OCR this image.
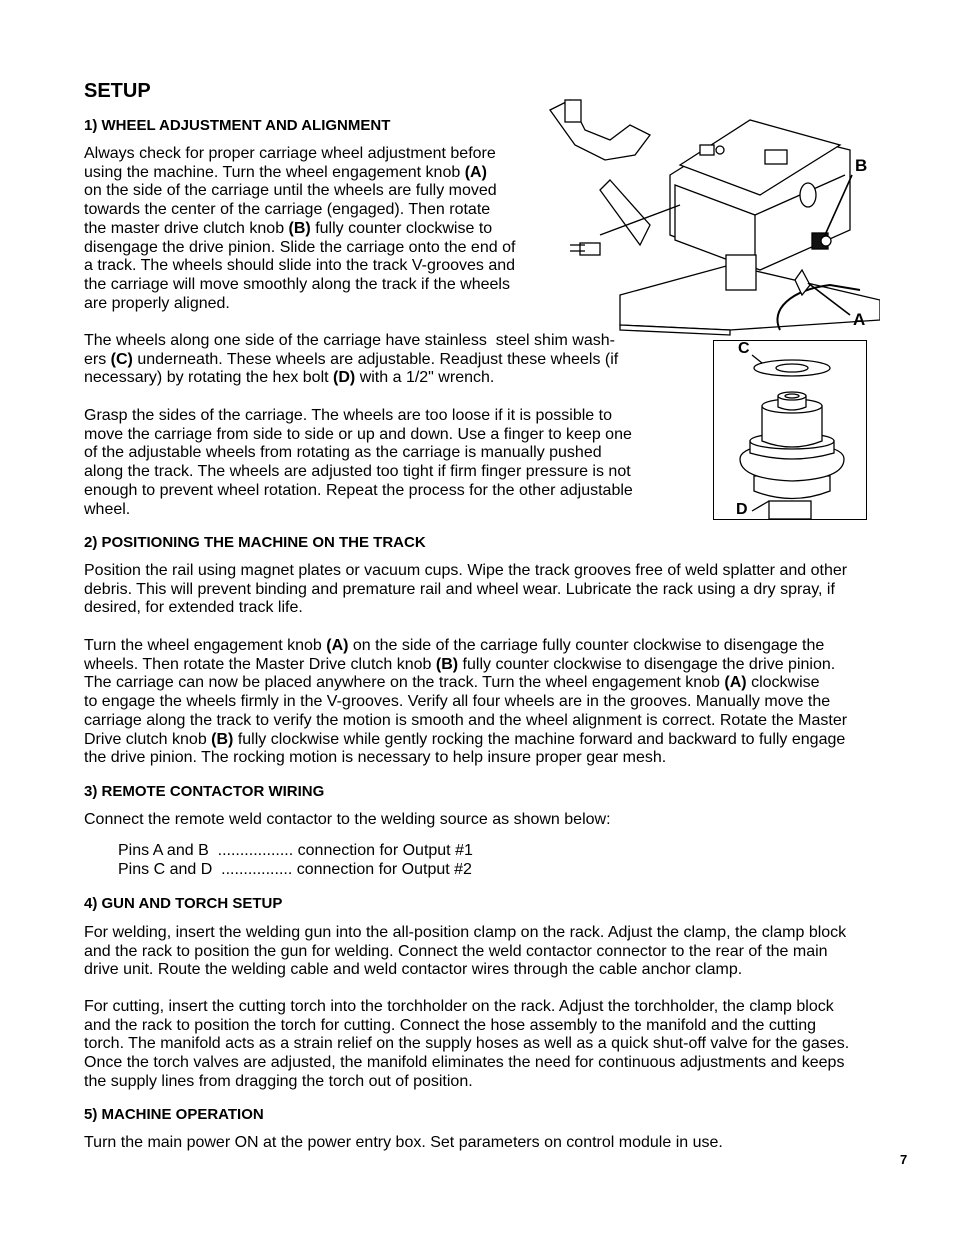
SETUP
1) WHEEL ADJUSTMENT AND ALIGNMENT
Always check for proper carriage wheel adjustment before
using the machine. Turn the wheel engagement knob (A)
on the side of the carriage until the wheels are fully moved
towards the center of the carriage (engaged). Then rotate
the master drive clutch knob (B) fully counter clockwise to
disengage the drive pinion. Slide the carriage onto the end of
a track. The wheels should slide into the track V-grooves and
the carriage will move smoothly along the track if the wheels
are properly aligned.
The wheels along one side of the carriage have stainless  steel shim wash-
ers (C) underneath. These wheels are adjustable. Readjust these wheels (if
necessary) by rotating the hex bolt (D) with a 1/2" wrench.
Grasp the sides of the carriage. The wheels are too loose if it is possible to
move the carriage from side to side or up and down. Use a finger to keep one
of the adjustable wheels from rotating as the carriage is manually pushed
along the track. The wheels are adjusted too tight if firm finger pressure is not
enough to prevent wheel rotation. Repeat the process for the other adjustable
wheel.
2) POSITIONING THE MACHINE ON THE TRACK
Position the rail using magnet plates or vacuum cups. Wipe the track grooves free of weld splatter and other
debris. This will prevent binding and premature rail and wheel wear. Lubricate the rack using a dry spray, if
desired, for extended track life.
Turn the wheel engagement knob (A) on the side of the carriage fully counter clockwise to disengage the
wheels. Then rotate the Master Drive clutch knob (B) fully counter clockwise to disengage the drive pinion.
The carriage can now be placed anywhere on the track. Turn the wheel engagement knob (A) clockwise
to engage the wheels firmly in the V-grooves. Verify all four wheels are in the grooves. Manually move the
carriage along the track to verify the motion is smooth and the wheel alignment is correct. Rotate the Master
Drive clutch knob (B) fully clockwise while gently rocking the machine forward and backward to fully engage
the drive pinion. The rocking motion is necessary to help insure proper gear mesh.
3) REMOTE CONTACTOR WIRING
Connect the remote weld contactor to the welding source as shown below:
Pins A and B  ................. connection for Output #1
Pins C and D  ................ connection for Output #2
4) GUN AND TORCH SETUP
For welding, insert the welding gun into the all-position clamp on the rack. Adjust the clamp, the clamp block
and the rack to position the gun for welding. Connect the weld contactor connector to the rear of the main
drive unit. Route the welding cable and weld contactor wires through the cable anchor clamp.
For cutting, insert the cutting torch into the torchholder on the rack. Adjust the torchholder, the clamp block
and the rack to position the torch for cutting. Connect the hose assembly to the manifold and the cutting
torch. The manifold acts as a strain relief on the supply hoses as well as a quick shut-off valve for the gases.
Once the torch valves are adjusted, the manifold eliminates the need for continuous adjustments and keeps
the supply lines from dragging the torch out of position.
5) MACHINE OPERATION
Turn the main power ON at the power entry box. Set parameters on control module in use.
7
B
A
C
D
